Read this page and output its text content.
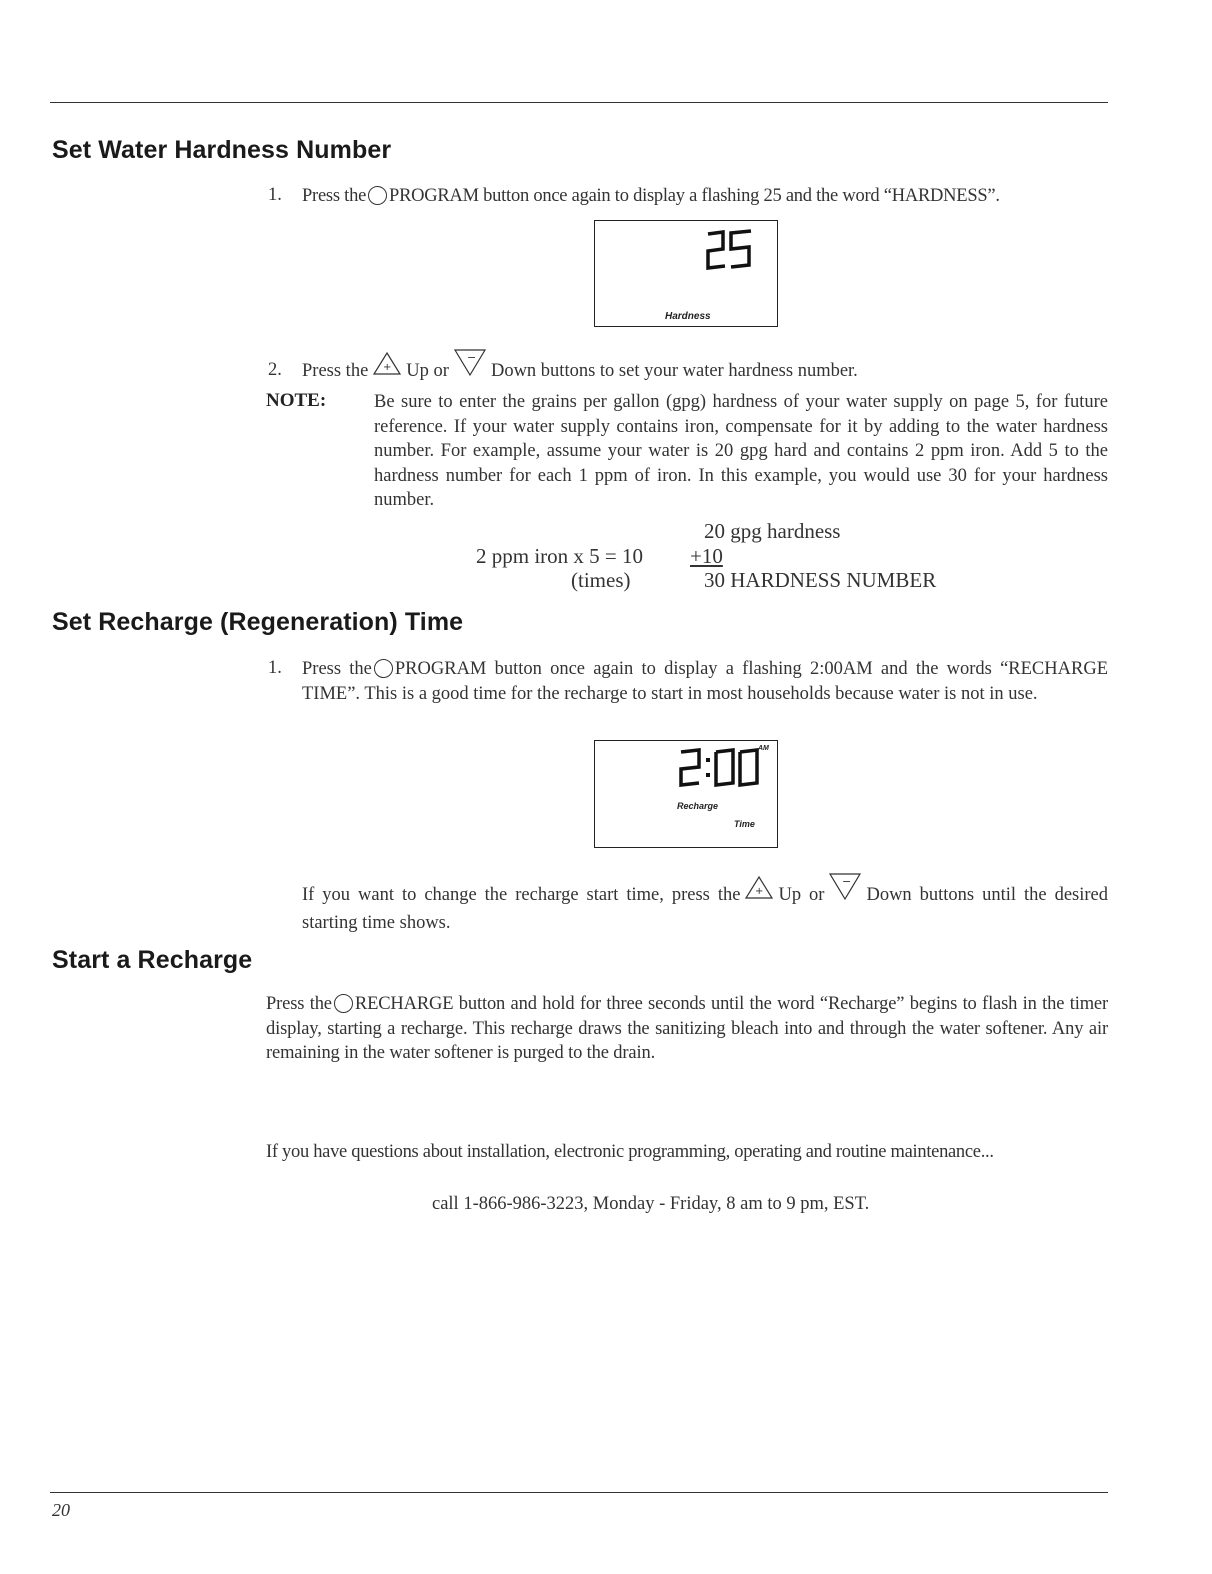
Set Water Hardness Number
1. Press the PROGRAM button once again to display a flashing 25 and the word “HARDNESS”.
Hardness
2. Press the + Up or
−
Down buttons to set your water hardness number.
NOTE:	Be sure to enter the grains per gallon (gpg) hardness of your water supply on page 5, for future reference. If your water supply contains iron, compensate for it by adding to the water hardness number. For example, assume your water is 20 gpg hard and contains 2 ppm iron. Add 5 to the hardness number for each 1 ppm of iron. In this example, you would use 30 for your hardness number.
20 gpg hardness
2 ppm iron x 5 = 10 +10
(times)	30 HARDNESS NUMBER
Set Recharge (Regeneration) Time
1. Press the PROGRAM button once again to display a flashing 2:00AM and the words “RECHARGE TIME”. This is a good time for the recharge to start in most households because water is not in use.
AM
Recharge
Time
If you want to change the recharge start time, press the + Up or
−
Down buttons until the desired starting time shows.
Start a Recharge
Press the RECHARGE button and hold for three seconds until the word “Recharge” begins to flash in the timer display, starting a recharge. This recharge draws the sanitizing bleach into and through the water softener. Any air remaining in the water softener is purged to the drain.
If you have questions about installation, electronic programming, operating and routine maintenance...
call 1-866-986-3223, Monday - Friday, 8 am to 9 pm, EST.
20
